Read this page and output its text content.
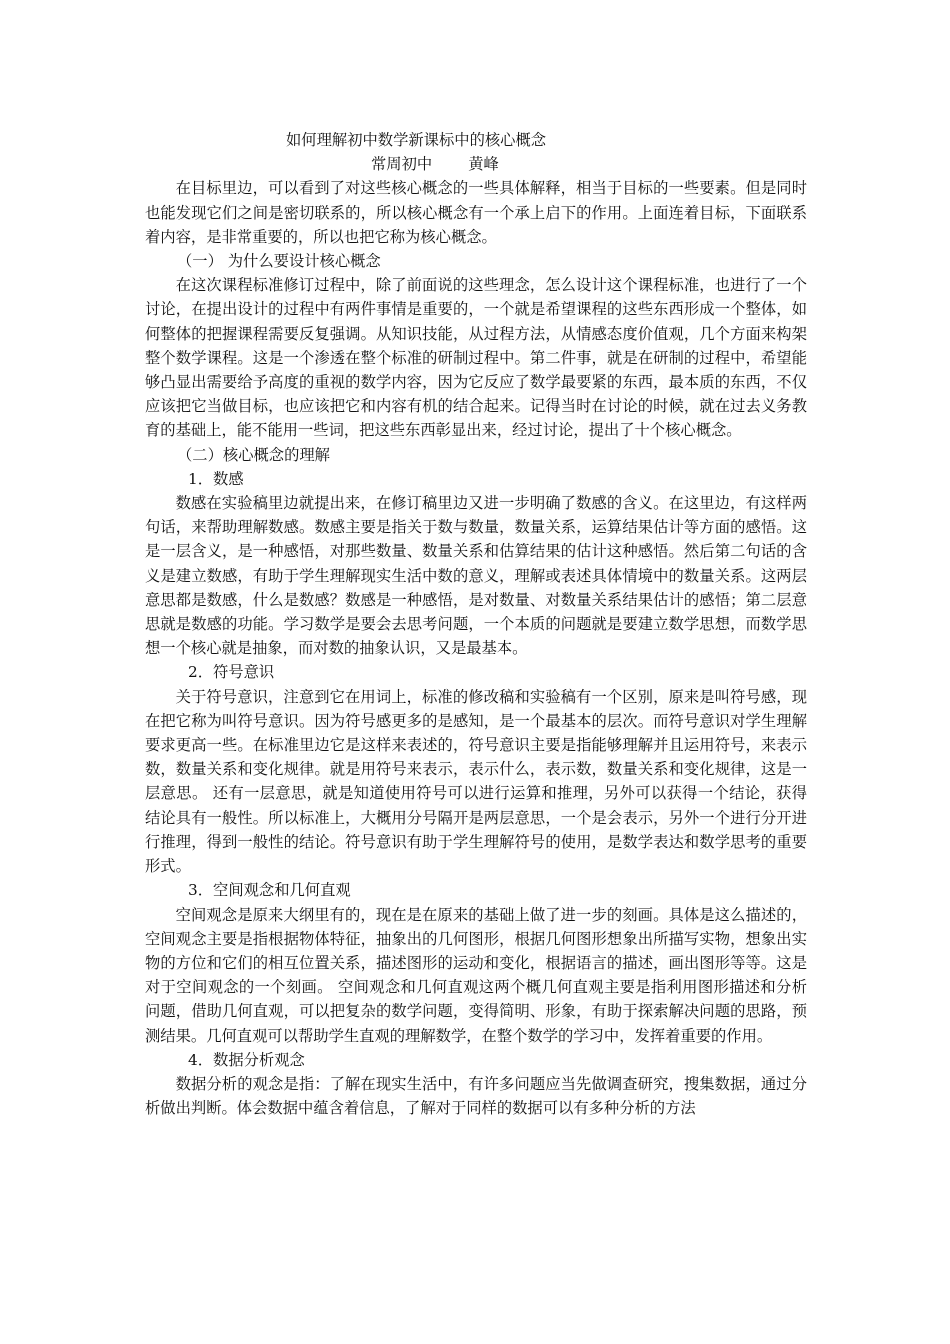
如何理解初中数学新课标中的核心概念
常周初中 黄峰

在目标里边，可以看到了对这些核心概念的一些具体解释，相当于目标的一些要素。但是同时也能发现它们之间是密切联系的，所以核心概念有一个承上启下的作用。上面连着目标，下面联系着内容，是非常重要的，所以也把它称为核心概念。

（一） 为什么要设计核心概念

在这次课程标准修订过程中，除了前面说的这些理念，怎么设计这个课程标准，也进行了一个讨论，在提出设计的过程中有两件事情是重要的，一个就是希望课程的这些东西形成一个整体，如何整体的把握课程需要反复强调。从知识技能，从过程方法，从情感态度价值观，几个方面来构架整个数学课程。这是一个渗透在整个标准的研制过程中。第二件事，就是在研制的过程中，希望能够凸显出需要给予高度的重视的数学内容，因为它反应了数学最要紧的东西，最本质的东西，不仅应该把它当做目标，也应该把它和内容有机的结合起来。记得当时在讨论的时候，就在过去义务教育的基础上，能不能用一些词，把这些东西彰显出来，经过讨论，提出了十个核心概念。

（二）核心概念的理解
1．数感

数感在实验稿里边就提出来，在修订稿里边又进一步明确了数感的含义。在这里边，有这样两句话，来帮助理解数感。数感主要是指关于数与数量，数量关系，运算结果估计等方面的感悟。这是一层含义，是一种感悟，对那些数量、数量关系和估算结果的估计这种感悟。然后第二句话的含义是建立数感，有助于学生理解现实生活中数的意义，理解或表述具体情境中的数量关系。这两层意思都是数感，什么是数感？数感是一种感悟，是对数量、对数量关系结果估计的感悟；第二层意思就是数感的功能。学习数学是要会去思考问题，一个本质的问题就是要建立数学思想，而数学思想一个核心就是抽象，而对数的抽象认识，又是最基本。

2．符号意识

关于符号意识，注意到它在用词上，标准的修改稿和实验稿有一个区别，原来是叫符号感，现在把它称为叫符号意识。因为符号感更多的是感知，是一个最基本的层次。而符号意识对学生理解要求更高一些。在标准里边它是这样来表述的，符号意识主要是指能够理解并且运用符号，来表示数，数量关系和变化规律。就是用符号来表示，表示什么，表示数，数量关系和变化规律，这是一层意思。 还有一层意思，就是知道使用符号可以进行运算和推理，另外可以获得一个结论，获得结论具有一般性。所以标准上，大概用分号隔开是两层意思，一个是会表示，另外一个进行分开进行推理，得到一般性的结论。符号意识有助于学生理解符号的使用，是数学表达和数学思考的重要形式。

3．空间观念和几何直观

空间观念是原来大纲里有的，现在是在原来的基础上做了进一步的刻画。具体是这么描述的，空间观念主要是指根据物体特征，抽象出的几何图形，根据几何图形想象出所描写实物，想象出实物的方位和它们的相互位置关系，描述图形的运动和变化，根据语言的描述，画出图形等等。这是对于空间观念的一个刻画。 空间观念和几何直观这两个概几何直观主要是指利用图形描述和分析问题，借助几何直观，可以把复杂的数学问题，变得简明、形象，有助于探索解决问题的思路，预测结果。几何直观可以帮助学生直观的理解数学，在整个数学的学习中，发挥着重要的作用。

4．数据分析观念

数据分析的观念是指：了解在现实生活中，有许多问题应当先做调查研究，搜集数据，通过分析做出判断。体会数据中蕴含着信息，了解对于同样的数据可以有多种分析的方法
